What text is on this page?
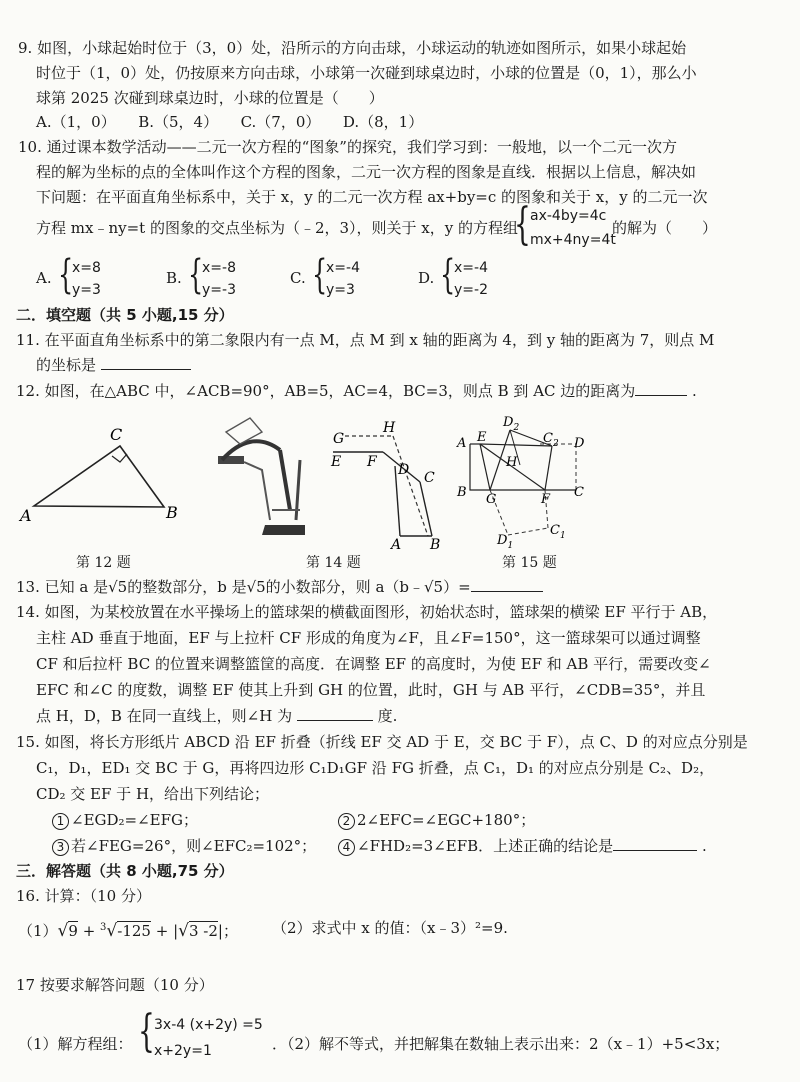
9. 如图，小球起始时位于（3，0）处，沿所示的方向击球，小球运动的轨迹如图所示，如果小球起始
时位于（1，0）处，仍按原来方向击球，小球第一次碰到球桌边时，小球的位置是（0，1），那么小
球第 2025 次碰到球桌边时，小球的位置是（　　）
A.（1，0）　　B.（5，4）　　C.（7，0）　　D.（8，1）
10. 通过课本数学活动——二元一次方程的“图象”的探究，我们学习到：一般地，以一个二元一次方
程的解为坐标的点的全体叫作这个方程的图象，二元一次方程的图象是直线．根据以上信息，解决如
下问题：在平面直角坐标系中，关于 x，y 的二元一次方程 ax+by=c 的图象和关于 x，y 的二元一次
方程 mx﹣ny=t 的图象的交点坐标为（﹣2，3），则关于 x，y 的方程组
{ ax-4by=4c
mx+4ny=4t
的解为（　　）
A. {
x=8
y=3
B. {
x=-8
y=-3
C. {
x=-4
y=3
D. {
x=-4
y=-2
二．填空题（共 5 小题,15 分）
11. 在平面直角坐标系中的第二象限内有一点 M，点 M 到 x 轴的距离为 4，到 y 轴的距离为 7，则点 M
的坐标是
12. 如图，在△ABC 中，∠ACB=90°，AB=5，AC=4，BC=3，则点 B 到 AC 边的距离为	.
A	B
C	G
H
E F D C
A B
A E
$D_2$
$C_2$ D
H
B G	F C
$D_1$
$C_1$
第 12 题	第 14 题	第 15 题
13. 已知 a 是√5的整数部分，b 是√5的小数部分，则 a（b﹣√5）=
14. 如图，为某校放置在水平操场上的篮球架的横截面图形，初始状态时，篮球架的横梁 EF 平行于 AB，
主柱 AD 垂直于地面，EF 与上拉杆 CF 形成的角度为∠F，且∠F=150°，这一篮球架可以通过调整
CF 和后拉杆 BC 的位置来调整篮筐的高度．在调整 EF 的高度时，为使 EF 和 AB 平行，需要改变∠
EFC 和∠C 的度数，调整 EF 使其上升到 GH 的位置，此时，GH 与 AB 平行，∠CDB=35°，并且
点 H，D，B 在同一直线上，则∠H 为	度.
15. 如图，将长方形纸片 ABCD 沿 EF 折叠（折线 EF 交 AD 于 E，交 BC 于 F），点 C、D 的对应点分别是
C₁，D₁，ED₁ 交 BC 于 G，再将四边形 C₁D₁GF 沿 FG 折叠，点 C₁，D₁ 的对应点分别是 C₂、D₂，
CD₂ 交 EF 于 H，给出下列结论；
1 ∠EGD₂=∠EFG；	2 2∠EFC=∠EGC+180°；
3 若∠FEG=26°，则∠EFC₂=102°；	4 ∠FHD₂=3∠EFB．上述正确的结论是	.
三．解答题（共 8 小题,75 分）
16. 计算：（10 分）
（1）√9 + $^3$√-125 + |√3 -2|； （2）求式中 x 的值：（x﹣3）²=9.
17 按要求解答问题（10 分）
（1）解方程组： { 3x-4 (x+2y) =5
x+2y=1	．（2）解不等式，并把解集在数轴上表示出来：2（x﹣1）+5<3x；
